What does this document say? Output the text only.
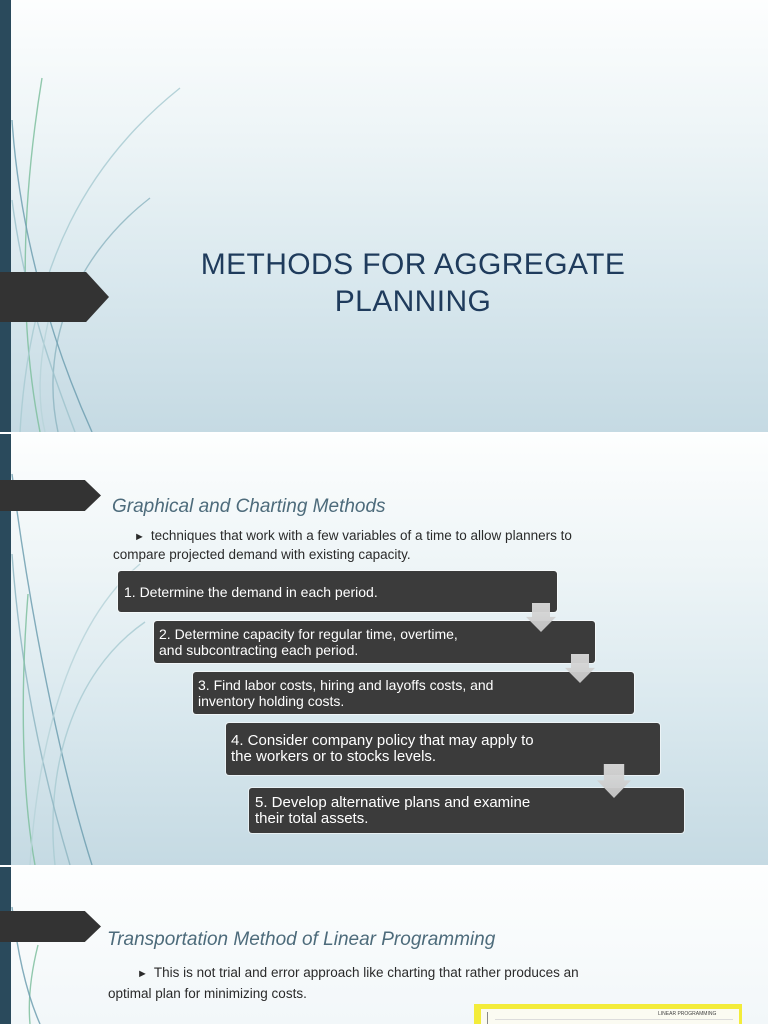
METHODS FOR AGGREGATE
PLANNING
Graphical and Charting Methods
► techniques that work with a few variables of a time to allow planners to
compare projected demand with existing capacity.
1. Determine the demand in each period.
2. Determine capacity for regular time, overtime,
and subcontracting each period.
3. Find labor costs, hiring and layoffs costs, and
inventory holding costs.
4. Consider company policy that may apply to
the workers or to stocks levels.
5. Develop alternative plans and examine
their total assets.
Transportation Method of Linear Programming
► This is not trial and error approach like charting that rather produces an
optimal plan for minimizing costs.
LINEAR PROGRAMMING
